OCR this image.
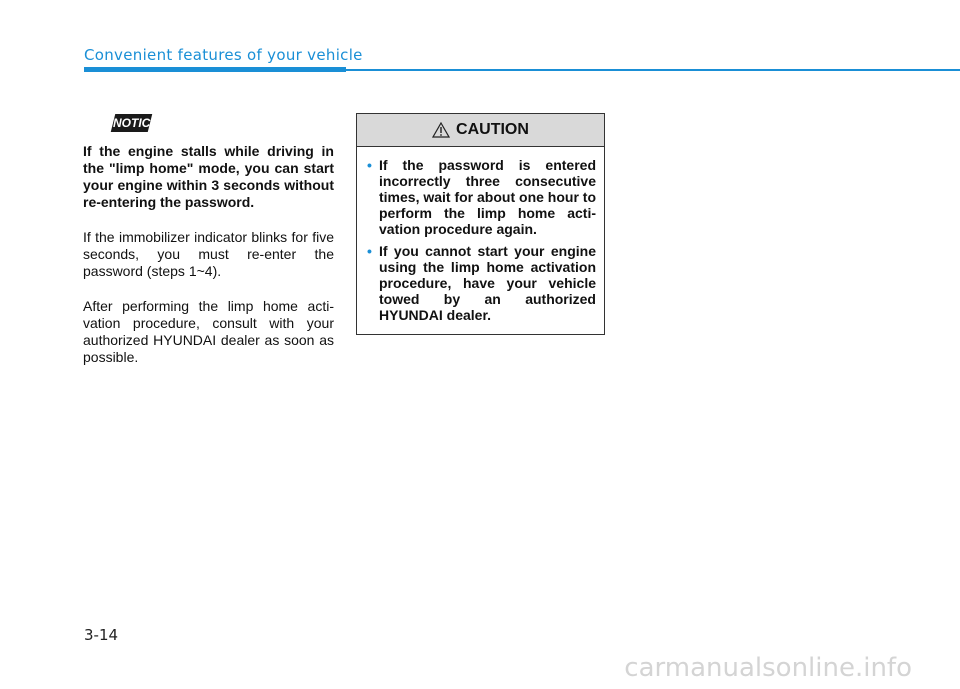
Convenient features of your vehicle
NOTICE

If the engine stalls while driving in the "limp home" mode, you can start your engine within 3 seconds without re-entering the password.

If the immobilizer indicator blinks for five seconds, you must re-enter the password (steps 1~4).

After performing the limp home acti- vation procedure, consult with your authorized HYUNDAI dealer as soon as possible.

CAUTION
• If the password is entered incorrectly three consecutive times, wait for about one hour to perform the limp home acti- vation procedure again.
• If you cannot start your engine using the limp home activation procedure, have your vehicle towed by an authorized HYUNDAI dealer.
3-14
carmanualsonline.info
